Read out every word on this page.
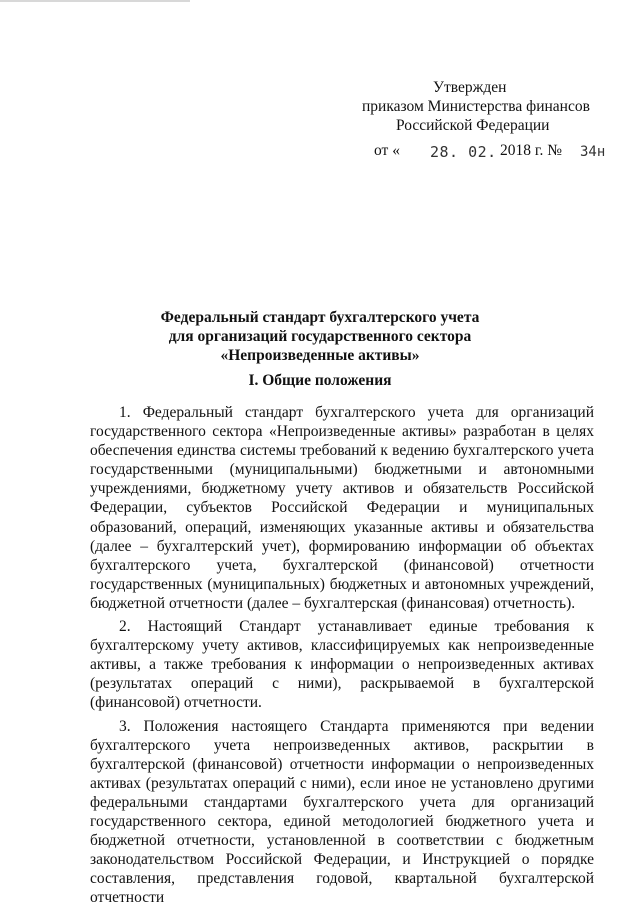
Утвержден
приказом Министерства финансов
Российской Федерации
от « 28. 02. 2018 г. № 34н
Федеральный стандарт бухгалтерского учета
для организаций государственного сектора
«Непроизведенные активы»
I. Общие положения

1. Федеральный стандарт бухгалтерского учета для организаций государственного сектора «Непроизведенные активы» разработан в целях обеспечения единства системы требований к ведению бухгалтерского учета государственными (муниципальными) бюджетными и автономными учреждениями, бюджетному учету активов и обязательств Российской Федерации, субъектов Российской Федерации и муниципальных образований, операций, изменяющих указанные активы и обязательства (далее – бухгалтерский учет), формированию информации об объектах бухгалтерского учета, бухгалтерской (финансовой) отчетности государственных (муниципальных) бюджетных и автономных учреждений, бюджетной отчетности (далее – бухгалтерская (финансовая) отчетность).

2. Настоящий Стандарт устанавливает единые требования к бухгалтерскому учету активов, классифицируемых как непроизведенные активы, а также требования к информации о непроизведенных активах (результатах операций с ними), раскрываемой в бухгалтерской (финансовой) отчетности.

3. Положения настоящего Стандарта применяются при ведении бухгалтерского учета непроизведенных активов, раскрытии в бухгалтерской (финансовой) отчетности информации о непроизведенных активах (результатах операций с ними), если иное не установлено другими федеральными стандартами бухгалтерского учета для организаций государственного сектора, единой методологией бюджетного учета и бюджетной отчетности, установленной в соответствии с бюджетным законодательством Российской Федерации, и Инструкцией о порядке составления, представления годовой, квартальной бухгалтерской отчетности
